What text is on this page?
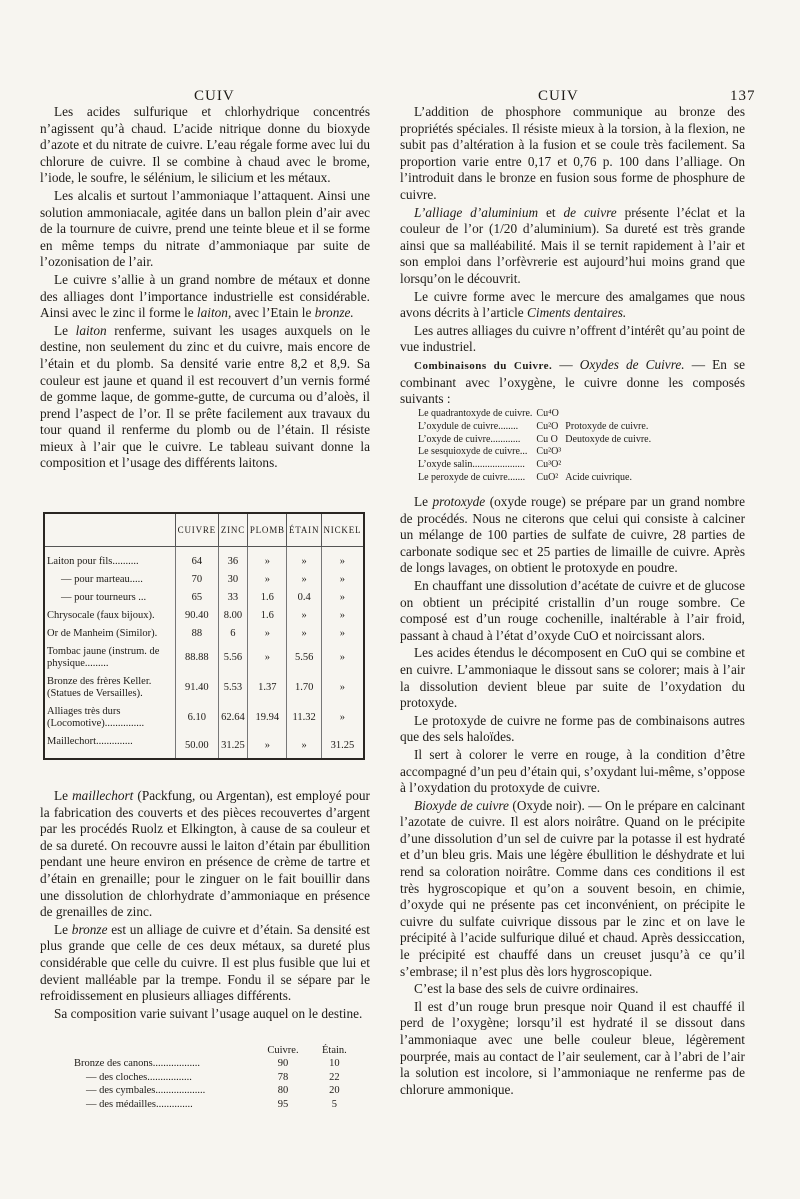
CUIV	CUIV	137

Les acides sulfurique et chlorhydrique concentrés n’agissent qu’à chaud. L’acide nitrique donne du bioxyde d’azote et du nitrate de cuivre. L’eau régale forme avec lui du chlorure de cuivre. Il se combine à chaud avec le brome, l’iode, le soufre, le sélénium, le silicium et les métaux.

Les alcalis et surtout l’ammoniaque l’attaquent. Ainsi une solution ammoniacale, agitée dans un ballon plein d’air avec de la tournure de cuivre, prend une teinte bleue et il se forme en même temps du nitrate d’ammoniaque par suite de l’ozonisation de l’air.

Le cuivre s’allie à un grand nombre de métaux et donne des alliages dont l’importance industrielle est considérable. Ainsi avec le zinc il forme le laiton, avec l’Etain le bronze.

Le laiton renferme, suivant les usages auxquels on le destine, non seulement du zinc et du cuivre, mais encore de l’étain et du plomb. Sa densité varie entre 8,2 et 8,9. Sa couleur est jaune et quand il est recouvert d’un vernis formé de gomme laque, de gomme-gutte, de curcuma ou d’aloès, il prend l’aspect de l’or. Il se prête facilement aux travaux du tour quand il renferme du plomb ou de l’étain. Il résiste mieux à l’air que le cuivre. Le tableau suivant donne la composition et l’usage des différents laitons.

	CUIVRE	ZINC	PLOMB	ÉTAIN	NICKEL
Laiton pour fils..........	64	36	»	»	»
— pour marteau.....	70	30	»	»	»
— pour tourneurs ...	65	33	1.6	0.4	»
Chrysocale (faux bijoux).	90.40	8.00	1.6	»	»
Or de Manheim (Similor).	88	6	»	»	»
Tombac jaune (instrum. de physique.........	88.88	5.56	»	5.56	»
Bronze des frères Keller. (Statues de Versailles).	91.40	5.53	1.37	1.70	»
Alliages très durs (Locomotive)...............	6.10	62.64	19.94	11.32	»
Maillechort..............	50.00	31.25	»	»	31.25

Le maillechort (Packfung, ou Argentan), est employé pour la fabrication des couverts et des pièces recouvertes d’argent par les procédés Ruolz et Elkington, à cause de sa couleur et de sa dureté. On recouvre aussi le laiton d’étain par ébullition pendant une heure environ en présence de crème de tartre et d’étain en grenaille; pour le zinguer on le fait bouillir dans une dissolution de chlorhydrate d’ammoniaque en présence de grenailles de zinc.

Le bronze est un alliage de cuivre et d’étain. Sa densité est plus grande que celle de ces deux métaux, sa dureté plus considérable que celle du cuivre. Il est plus fusible que lui et devient malléable par la trempe. Fondu il se sépare par le refroidissement en plusieurs alliages différents.

Sa composition varie suivant l’usage auquel on le destine.

	Cuivre.	Étain.
Bronze des canons..................	90	10
— des cloches.................	78	22
— des cymbales...................	80	20
— des médailles..............	95	5

L’addition de phosphore communique au bronze des propriétés spéciales. Il résiste mieux à la torsion, à la flexion, ne subit pas d’altération à la fusion et se coule très facilement. Sa proportion varie entre 0,17 et 0,76 p. 100 dans l’alliage. On l’introduit dans le bronze en fusion sous forme de phosphure de cuivre.

L’alliage d’aluminium et de cuivre présente l’éclat et la couleur de l’or (1/20 d’aluminium). Sa dureté est très grande ainsi que sa malléabilité. Mais il se ternit rapidement à l’air et son emploi dans l’orfèvrerie est aujourd’hui moins grand que lorsqu’on le découvrit.

Le cuivre forme avec le mercure des amalgames que nous avons décrits à l’article Ciments dentaires.

Les autres alliages du cuivre n’offrent d’intérêt qu’au point de vue industriel.

Combinaisons du Cuivre. — Oxydes de Cuivre. — En se combinant avec l’oxygène, le cuivre donne les composés suivants :

Le quadrantoxyde de cuivre.	Cu⁴O	
L’oxydule de cuivre........	Cu²O	Protoxyde de cuivre.
L’oxyde de cuivre............	Cu O	Deutoxyde de cuivre.
Le sesquioxyde de cuivre...	Cu²O³	
L’oxyde salin.....................	Cu³O²	
Le peroxyde de cuivre.......	CuO²	Acide cuivrique.

Le protoxyde (oxyde rouge) se prépare par un grand nombre de procédés. Nous ne citerons que celui qui consiste à calciner un mélange de 100 parties de sulfate de cuivre, 28 parties de carbonate sodique sec et 25 parties de limaille de cuivre. Après de longs lavages, on obtient le protoxyde en poudre.

En chauffant une dissolution d’acétate de cuivre et de glucose on obtient un précipité cristallin d’un rouge sombre. Ce composé est d’un rouge cochenille, inaltérable à l’air froid, passant à chaud à l’état d’oxyde CuO et noircissant alors.

Les acides étendus le décomposent en CuO qui se combine et en cuivre. L’ammoniaque le dissout sans se colorer; mais à l’air la dissolution devient bleue par suite de l’oxydation du protoxyde.

Le protoxyde de cuivre ne forme pas de combinaisons autres que des sels haloïdes.

Il sert à colorer le verre en rouge, à la condition d’être accompagné d’un peu d’étain qui, s’oxydant lui-même, s’oppose à l’oxydation du protoxyde de cuivre.

Bioxyde de cuivre (Oxyde noir). — On le prépare en calcinant l’azotate de cuivre. Il est alors noirâtre. Quand on le précipite d’une dissolution d’un sel de cuivre par la potasse il est hydraté et d’un bleu gris. Mais une légère ébullition le déshydrate et lui rend sa coloration noirâtre. Comme dans ces conditions il est très hygroscopique et qu’on a souvent besoin, en chimie, d’oxyde qui ne présente pas cet inconvénient, on précipite le cuivre du sulfate cuivrique dissous par le zinc et on lave le précipité à l’acide sulfurique dilué et chaud. Après dessiccation, le précipité est chauffé dans un creuset jusqu’à ce qu’il s’embrase; il n’est plus dès lors hygroscopique.

C’est la base des sels de cuivre ordinaires.

Il est d’un rouge brun presque noir Quand il est chauffé il perd de l’oxygène; lorsqu’il est hydraté il se dissout dans l’ammoniaque avec une belle couleur bleue, légèrement pourprée, mais au contact de l’air seulement, car à l’abri de l’air la solution est incolore, si l’ammoniaque ne renferme pas de chlorure ammonique.
